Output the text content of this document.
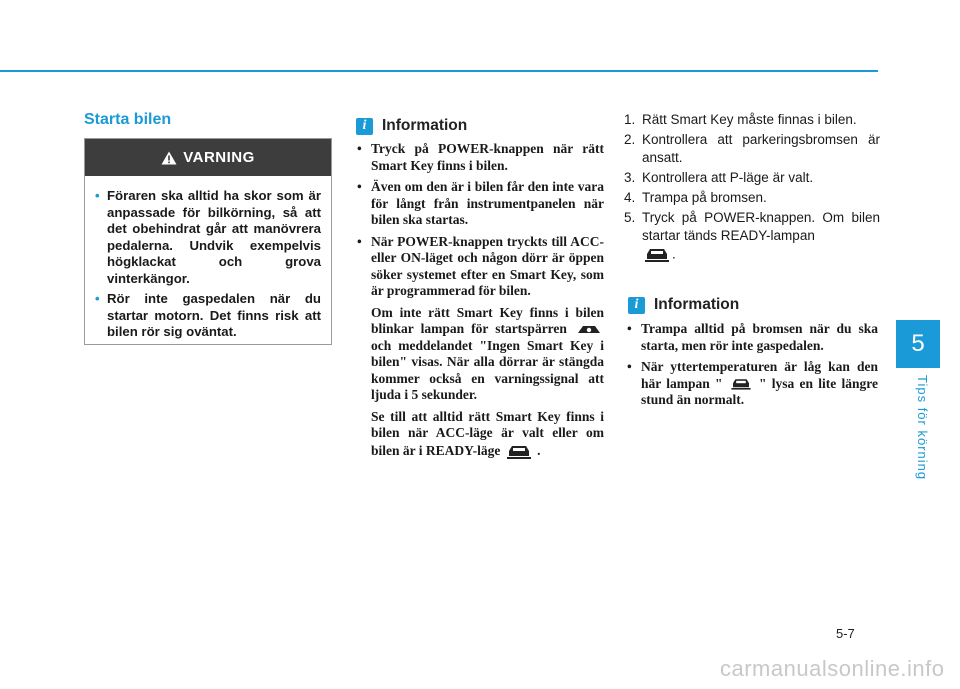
5
Tips för körning
Starta bilen
VARNING
• Föraren ska alltid ha skor som är anpassade för bilkörning, så att det obehindrat går att manövrera pedalerna. Undvik exempelvis högklackat och grova vinterkängor.
• Rör inte gaspedalen när du startar motorn. Det finns risk att bilen rör sig oväntat.
i	Information
• Tryck på POWER-knappen när rätt Smart Key finns i bilen.
• Även om den är i bilen får den inte vara för långt från instrumentpanelen när bilen ska startas.
• När POWER-knappen tryckts till ACC- eller ON-läget och någon dörr är öppen söker systemet efter en Smart Key, som är programmerad för bilen.

Om inte rätt Smart Key finns i bilen blinkar lampan för startspärren  och meddelandet "Ingen Smart Key i bilen" visas. När alla dörrar är stängda kommer också en varningssignal att ljuda i 5 sekunder.

Se till att alltid rätt Smart Key finns i bilen när ACC-läge är valt eller om bilen är i READY-läge	.

1. Rätt Smart Key måste finnas i bilen.
2. Kontrollera att parkeringsbromsen är ansatt.
3. Kontrollera att P-läge är valt.
4. Trampa på bromsen.
5. Tryck på POWER-knappen. Om bilen startar tänds READY-lampan
.
i	Information
• Trampa alltid på bromsen när du ska starta, men rör inte gaspedalen.
• När yttertemperaturen är låg kan den här lampan "	" lysa en lite längre stund än normalt.
5-7
carmanualsonline.info
